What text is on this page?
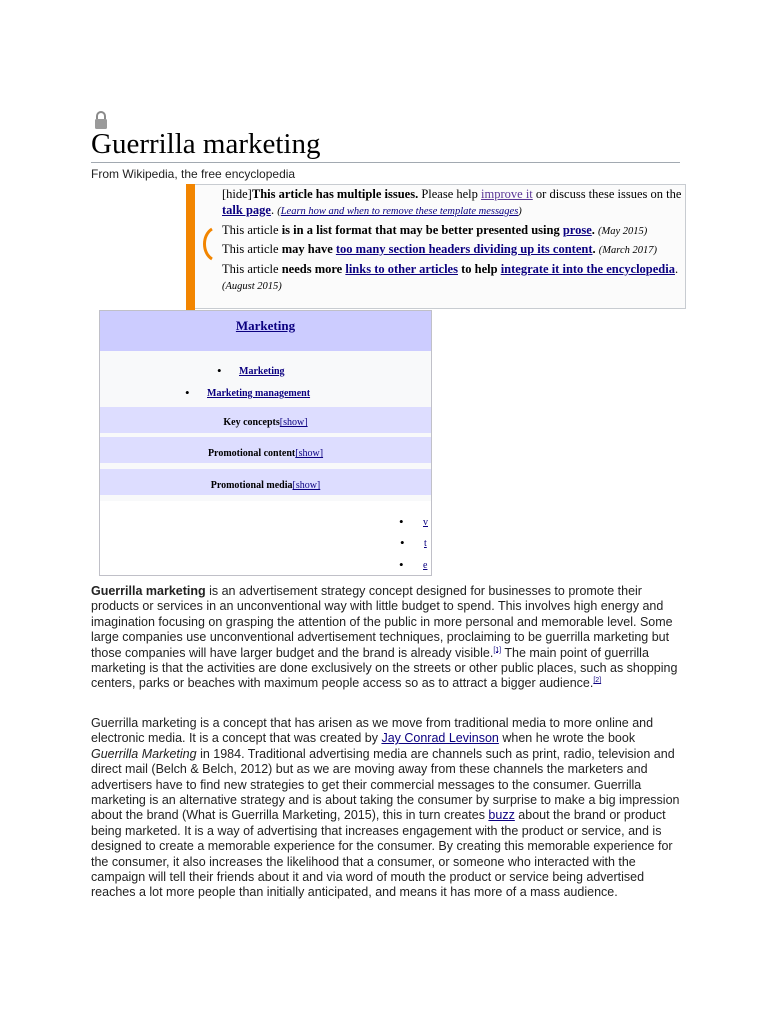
Guerrilla marketing
From Wikipedia, the free encyclopedia

[hide]This article has multiple issues. Please help improve it or discuss these issues on the talk page. (Learn how and when to remove these template messages)

This article is in a list format that may be better presented using prose. (May 2015)

This article may have too many section headers dividing up its content. (March 2017)

This article needs more links to other articles to help integrate it into the encyclopedia. (August 2015)

Marketing
• Marketing
• Marketing management
Key concepts[show]
Promotional content[show]
Promotional media[show]
• v
• t
• e

Guerrilla marketing is an advertisement strategy concept designed for businesses to promote their products or services in an unconventional way with little budget to spend. This involves high energy and imagination focusing on grasping the attention of the public in more personal and memorable level. Some large companies use unconventional advertisement techniques, proclaiming to be guerrilla marketing but those companies will have larger budget and the brand is already visible.[1] The main point of guerrilla marketing is that the activities are done exclusively on the streets or other public places, such as shopping centers, parks or beaches with maximum people access so as to attract a bigger audience.[2]

Guerrilla marketing is a concept that has arisen as we move from traditional media to more online and electronic media. It is a concept that was created by Jay Conrad Levinson when he wrote the book Guerrilla Marketing in 1984. Traditional advertising media are channels such as print, radio, television and direct mail (Belch & Belch, 2012) but as we are moving away from these channels the marketers and advertisers have to find new strategies to get their commercial messages to the consumer. Guerrilla marketing is an alternative strategy and is about taking the consumer by surprise to make a big impression about the brand (What is Guerrilla Marketing, 2015), this in turn creates buzz about the brand or product being marketed. It is a way of advertising that increases engagement with the product or service, and is designed to create a memorable experience for the consumer. By creating this memorable experience for the consumer, it also increases the likelihood that a consumer, or someone who interacted with the campaign will tell their friends about it and via word of mouth the product or service being advertised reaches a lot more people than initially anticipated, and means it has more of a mass audience.
